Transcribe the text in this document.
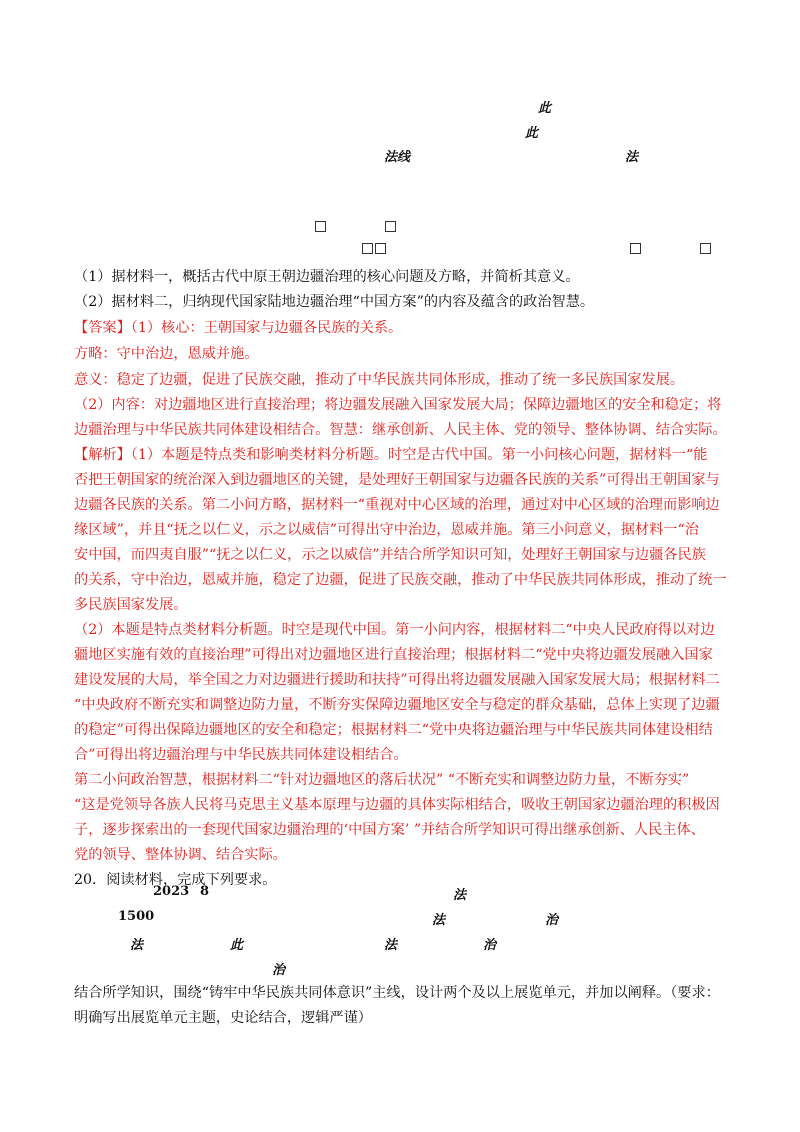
此
此
法线	法
（1）据材料一，概括古代中原王朝边疆治理的核心问题及方略，并简析其意义。
（2）据材料二，归纳现代国家陆地边疆治理“中国方案”的内容及蕴含的政治智慧。
【答案】（1）核心：王朝国家与边疆各民族的关系。
方略：守中治边，恩威并施。
意义：稳定了边疆，促进了民族交融，推动了中华民族共同体形成，推动了统一多民族国家发展。
（2）内容：对边疆地区进行直接治理；将边疆发展融入国家发展大局；保障边疆地区的安全和稳定；将
边疆治理与中华民族共同体建设相结合。智慧：继承创新、人民主体、党的领导、整体协调、结合实际。
【解析】（1）本题是特点类和影响类材料分析题。时空是古代中国。第一小问核心问题，据材料一“能
否把王朝国家的统治深入到边疆地区的关键，是处理好王朝国家与边疆各民族的关系”可得出王朝国家与
边疆各民族的关系。第二小问方略，据材料一“重视对中心区域的治理，通过对中心区域的治理而影响边
缘区域”，并且“抚之以仁义，示之以威信”可得出守中治边，恩威并施。第三小问意义，据材料一“治
安中国，而四夷自服”“抚之以仁义，示之以威信”并结合所学知识可知，处理好王朝国家与边疆各民族
的关系，守中治边，恩威并施，稳定了边疆，促进了民族交融，推动了中华民族共同体形成，推动了统一
多民族国家发展。
（2）本题是特点类材料分析题。时空是现代中国。第一小问内容，根据材料二“中央人民政府得以对边
疆地区实施有效的直接治理”可得出对边疆地区进行直接治理；根据材料二“党中央将边疆发展融入国家
建设发展的大局，举全国之力对边疆进行援助和扶持”可得出将边疆发展融入国家发展大局；根据材料二
“中央政府不断充实和调整边防力量，不断夯实保障边疆地区安全与稳定的群众基础，总体上实现了边疆
的稳定”可得出保障边疆地区的安全和稳定；根据材料二“党中央将边疆治理与中华民族共同体建设相结
合”可得出将边疆治理与中华民族共同体建设相结合。
第二小问政治智慧，根据材料二“针对边疆地区的落后状况” “不断充实和调整边防力量，不断夯实”
“这是党领导各族人民将马克思主义基本原理与边疆的具体实际相结合，吸收王朝国家边疆治理的积极因
子，逐步探索出的一套现代国家边疆治理的‘中国方案’ ”并结合所学知识可得出继承创新、人民主体、
党的领导、整体协调、结合实际。
20．阅读材料，完成下列要求。
2023 8	法
1500	法	治
法	此	法	治
治
结合所学知识，围绕“铸牢中华民族共同体意识”主线，设计两个及以上展览单元，并加以阐释。（要求：
明确写出展览单元主题，史论结合，逻辑严谨）
